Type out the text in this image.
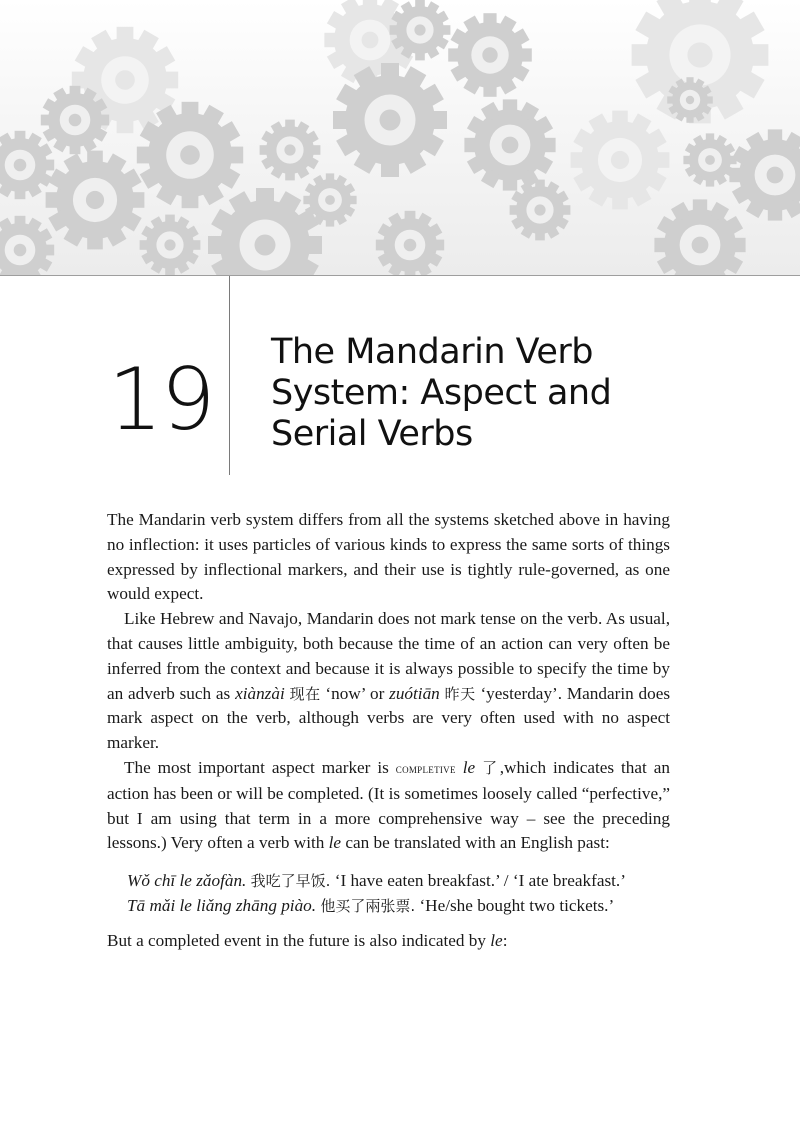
19 The Mandarin Verb
System: Aspect and
Serial Verbs

The Mandarin verb system differs from all the systems sketched above in having no inflection: it uses particles of various kinds to express the same sorts of things expressed by inflectional markers, and their use is tightly rule-governed, as one would expect.

Like Hebrew and Navajo, Mandarin does not mark tense on the verb. As usual, that causes little ambiguity, both because the time of an action can very often be inferred from the context and because it is always possible to specify the time by an adverb such as xiànzài 现在 ‘now’ or zuótiān 昨天 ‘yesterday’. Mandarin does mark aspect on the verb, although verbs are very often used with no aspect marker.

The most important aspect marker is completive le 了,which indicates that an action has been or will be completed. (It is sometimes loosely called “perfective,” but I am using that term in a more comprehensive way – see the preceding lessons.) Very often a verb with le can be translated with an English past:

Wǒ chī le zǎofàn. 我吃了早饭. ‘I have eaten breakfast.’ / ‘I ate breakfast.’
Tā mǎi le liǎng zhāng piào. 他买了兩张票. ‘He/she bought two tickets.’

But a completed event in the future is also indicated by le:
